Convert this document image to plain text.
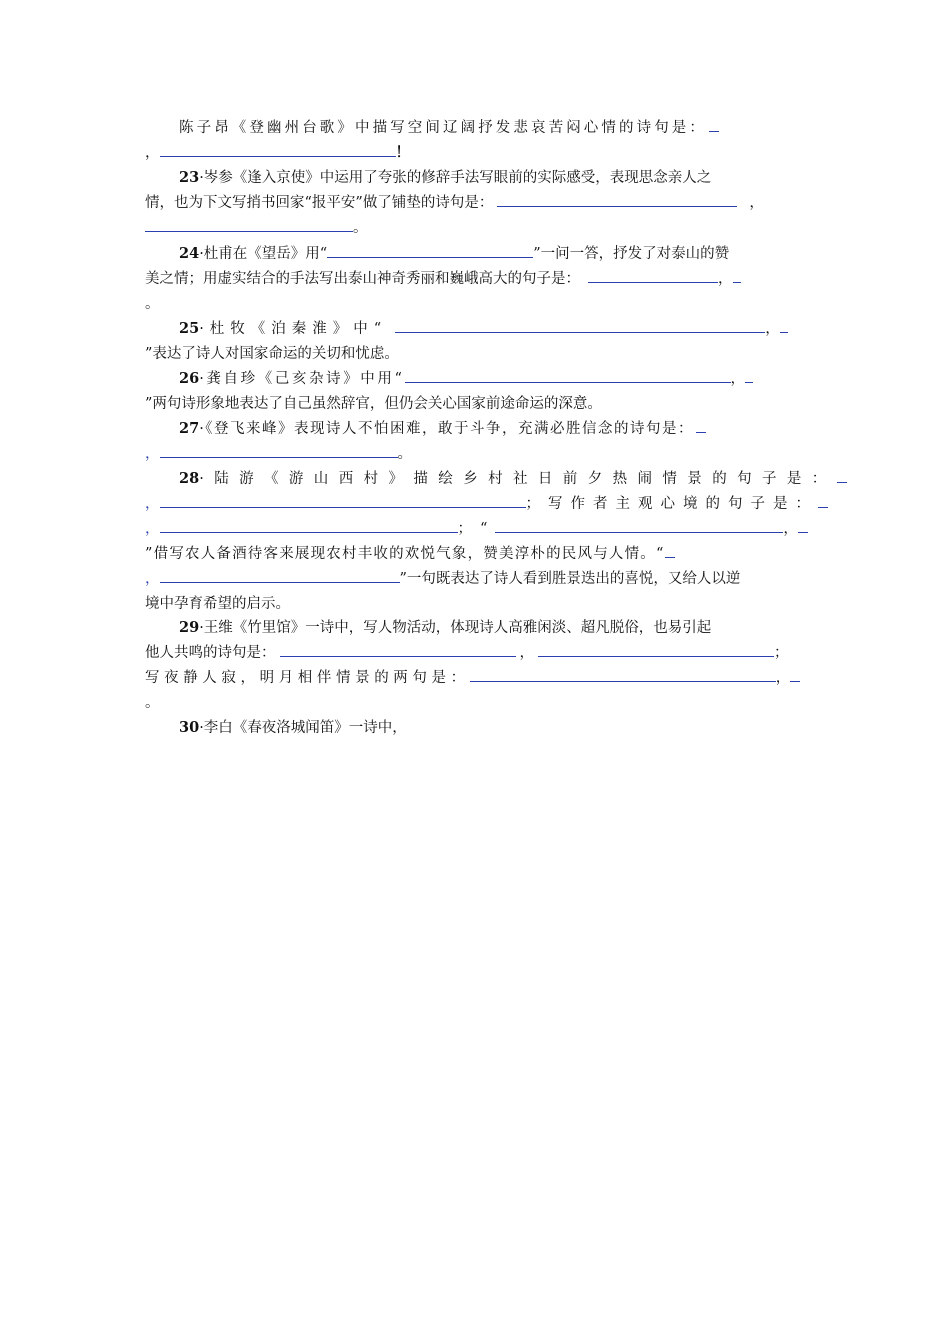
陈子昂《登幽州台歌》中描写空间辽阔抒发悲哀苦闷心情的诗句是：
，	！
23·岑参《逢入京使》中运用了夸张的修辞手法写眼前的实际感受，表现思念亲人之
情，也为下文写捎书回家“报平安”做了铺垫的诗句是：	，
。
24·杜甫在《望岳》用“	”一问一答，抒发了对泰山的赞
美之情；用虚实结合的手法写出泰山神奇秀丽和巍峨高大的句子是：	，
。
25·杜牧《泊秦淮》中“	，
”表达了诗人对国家命运的关切和忧虑。
26·龚自珍《己亥杂诗》中用“	，
”两句诗形象地表达了自己虽然辞官，但仍会关心国家前途命运的深意。
27·《登飞来峰》表现诗人不怕困难，敢于斗争，充满必胜信念的诗句是：
，	。
28·陆游《游山西村》描绘乡村社日前夕热闹情景的句子是：
，	；写作者主观心境的句子是：
，	；“	，
”借写农人备酒待客来展现农村丰收的欢悦气象，赞美淳朴的民风与人情。“
，	”一句既表达了诗人看到胜景迭出的喜悦，又给人以逆
境中孕育希望的启示。
29·王维《竹里馆》一诗中，写人物活动，体现诗人高雅闲淡、超凡脱俗，也易引起
他人共鸣的诗句是：	，	；
写夜静人寂，明月相伴情景的两句是：	，
。
30·李白《春夜洛城闻笛》一诗中，
